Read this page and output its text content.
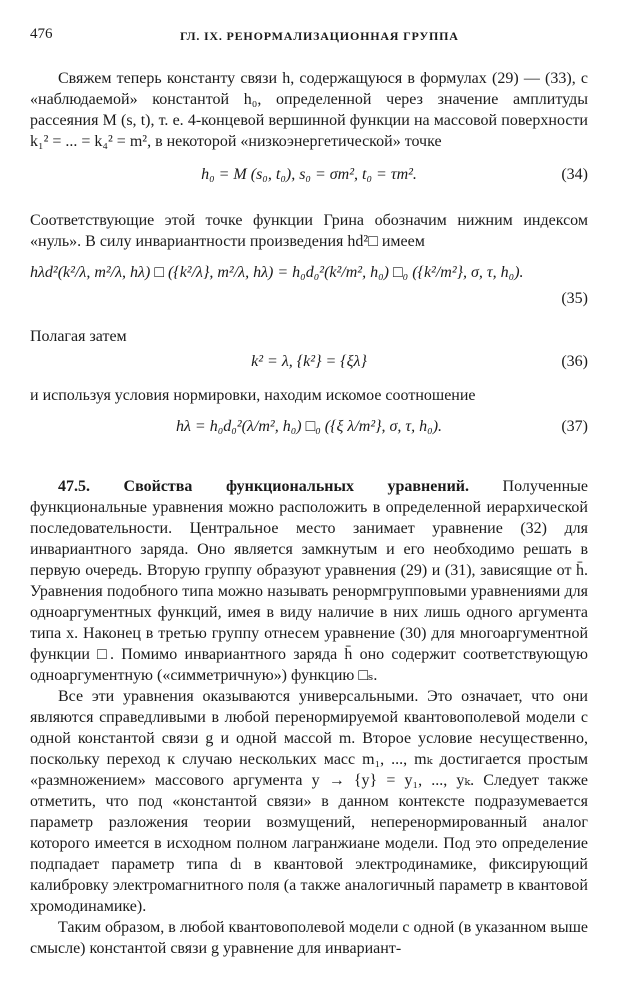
476	ГЛ. IX. РЕНОРМАЛИЗАЦИОННАЯ ГРУППА

Свяжем теперь константу связи h, содержащуюся в формулах (29) — (33), с «наблюдаемой» константой h₀, определенной через значение амплитуды рассеяния M (s, t), т. е. 4-концевой вершинной функции на массовой поверхности k₁² = ... = k₄² = m², в некоторой «низкоэнергетической» точке

h₀ = M (s₀, t₀), s₀ = σm², t₀ = τm².	(34)

Соответствующие этой точке функции Грина обозначим нижним индексом «нуль». В силу инвариантности произведения hd²□ имеем

hλd²(k²/λ, m²/λ, hλ) □ ({k²/λ}, m²/λ, hλ) = h₀d₀²(k²/m², h₀) □₀ ({k²/m²}, σ, τ, h₀).
(35)

Полагая затем

k² = λ, {k²} = {ξλ}	(36)

и используя условия нормировки, находим искомое соотношение

hλ = h₀d₀²(λ/m², h₀) □₀ ({ξ λ/m²}, σ, τ, h₀).	(37)

47.5. Свойства функциональных уравнений. Полученные функциональные уравнения можно расположить в определенной иерархической последовательности. Центральное место занимает уравнение (32) для инвариантного заряда. Оно является замкнутым и его необходимо решать в первую очередь. Вторую группу образуют уравнения (29) и (31), зависящие от h̄. Уравнения подобного типа можно называть ренормгрупповыми уравнениями для одноаргументных функций, имея в виду наличие в них лишь одного аргумента типа x. Наконец в третью группу отнесем уравнение (30) для многоаргументной функции □. Помимо инвариантного заряда h̄ оно содержит соответствующую одноаргументную («симметричную») функцию □ₛ.

Все эти уравнения оказываются универсальными. Это означает, что они являются справедливыми в любой перенормируемой квантовополевой модели с одной константой связи g и одной массой m. Второе условие несущественно, поскольку переход к случаю нескольких масс m₁, ..., mₖ достигается простым «размножением» массового аргумента y → {y} = y₁, ..., yₖ. Следует также отметить, что под «константой связи» в данном контексте подразумевается параметр разложения теории возмущений, неперенормированный аналог которого имеется в исходном полном лагранжиане модели. Под это определение подпадает параметр типа dₗ в квантовой электродинамике, фиксирующий калибровку электромагнитного поля (а также аналогичный параметр в квантовой хромодинамике).

Таким образом, в любой квантовополевой модели с одной (в указанном выше смысле) константой связи g уравнение для инвариант-
